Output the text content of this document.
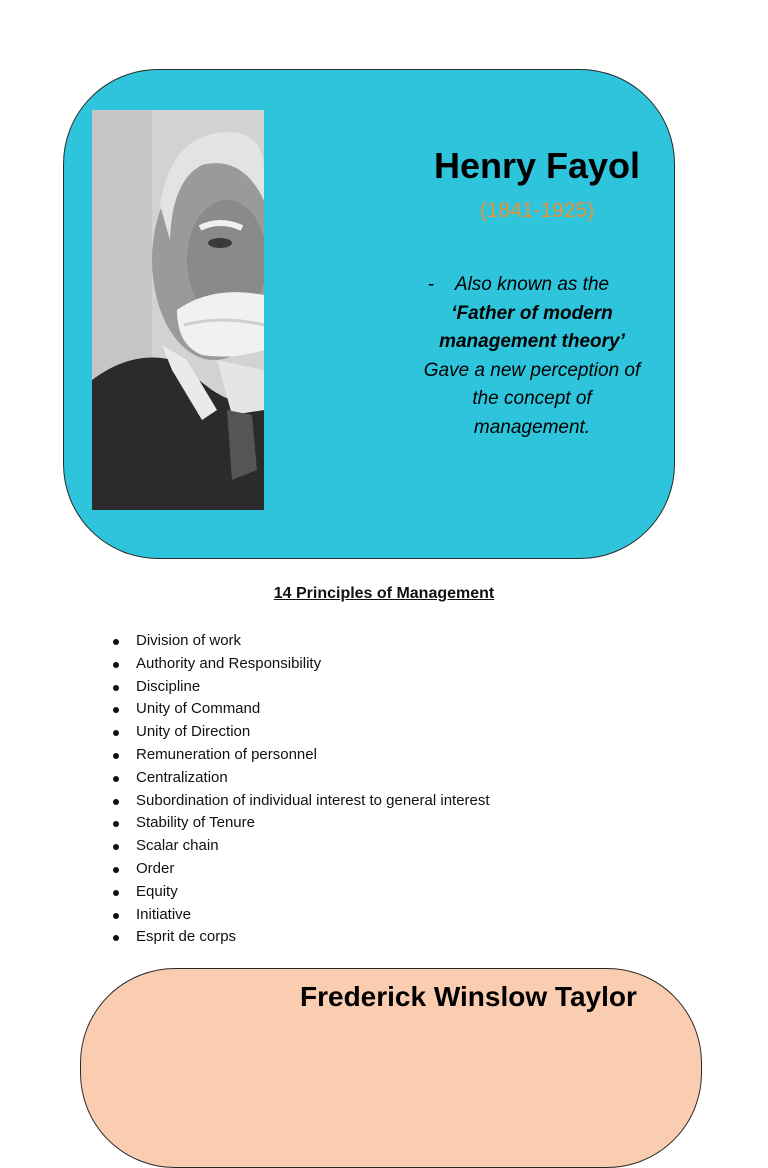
Henry Fayol
(1841-1925)
-	Also known as the
‘Father of modern
management theory’
Gave a new perception of
the concept of
management.
14 Principles of Management
Division of work
Authority and Responsibility
Discipline
Unity of Command
Unity of Direction
Remuneration of personnel
Centralization
Subordination of individual interest to general interest
Stability of Tenure
Scalar chain
Order
Equity
Initiative
Esprit de corps
Frederick Winslow Taylor
